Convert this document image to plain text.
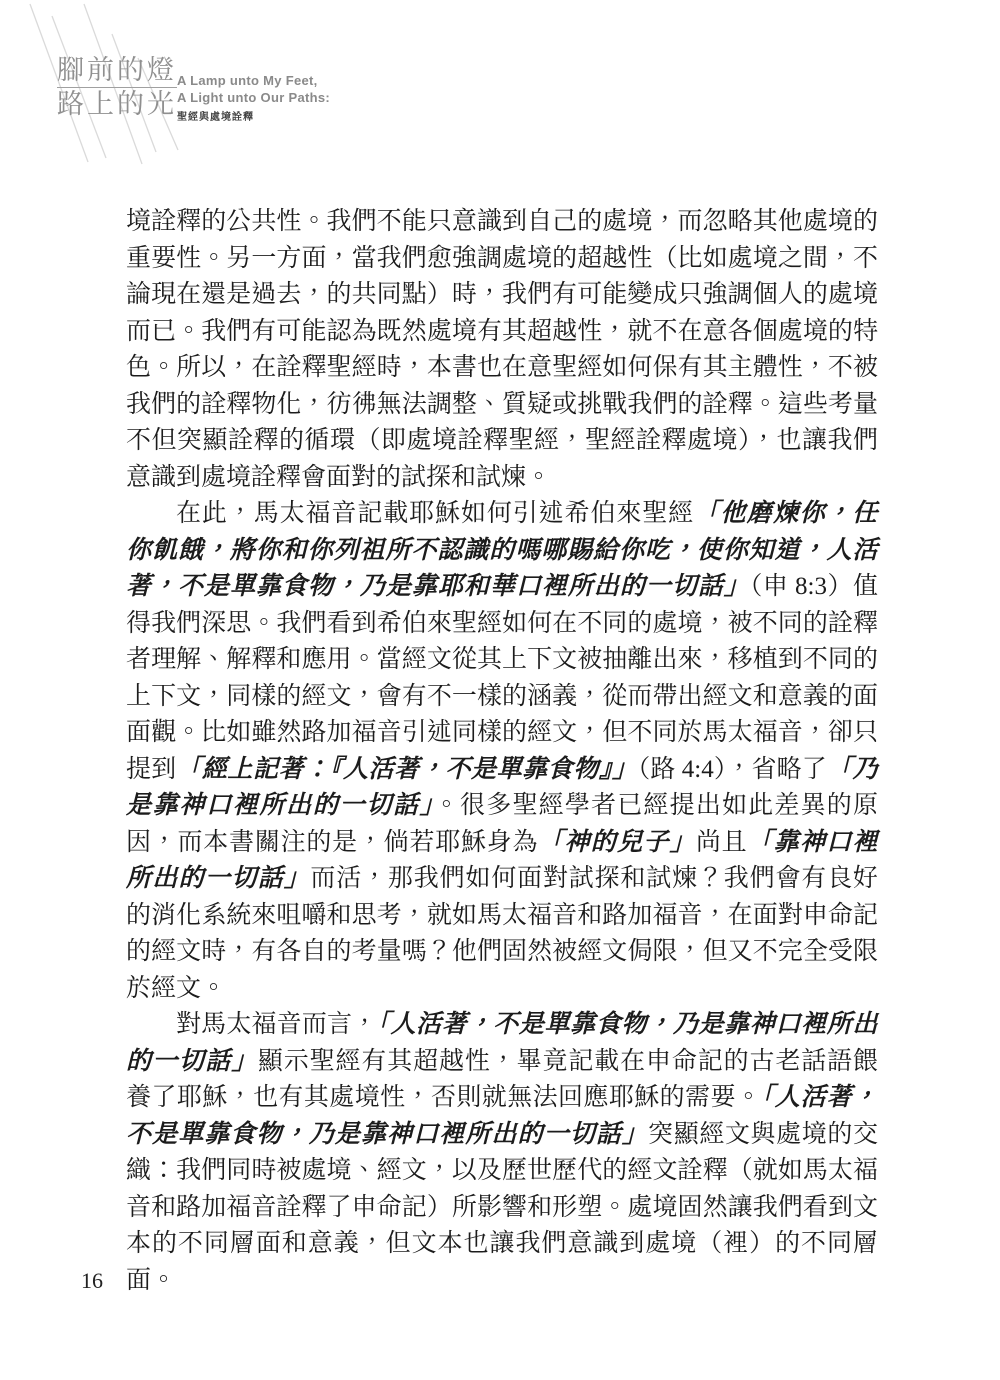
腳前的燈
路上的光
A Lamp unto My Feet,
A Light unto Our Paths:
聖經與處境詮釋

境詮釋的公共性。我們不能只意識到自己的處境，而忽略其他處境的重要性。另一方面，當我們愈強調處境的超越性（比如處境之間，不論現在還是過去，的共同點）時，我們有可能變成只強調個人的處境而已。我們有可能認為既然處境有其超越性，就不在意各個處境的特色。所以，在詮釋聖經時，本書也在意聖經如何保有其主體性，不被我們的詮釋物化，彷彿無法調整、質疑或挑戰我們的詮釋。這些考量不但突顯詮釋的循環（即處境詮釋聖經，聖經詮釋處境），也讓我們意識到處境詮釋會面對的試探和試煉。

在此，馬太福音記載耶穌如何引述希伯來聖經「他磨煉你，任你飢餓，將你和你列祖所不認識的嗎哪賜給你吃，使你知道，人活著，不是單靠食物，乃是靠耶和華口裡所出的一切話」（申 8:3）值得我們深思。我們看到希伯來聖經如何在不同的處境，被不同的詮釋者理解、解釋和應用。當經文從其上下文被抽離出來，移植到不同的上下文，同樣的經文，會有不一樣的涵義，從而帶出經文和意義的面面觀。比如雖然路加福音引述同樣的經文，但不同於馬太福音，卻只提到「經上記著：『人活著，不是單靠食物』」（路 4:4），省略了「乃是靠神口裡所出的一切話」。很多聖經學者已經提出如此差異的原因，而本書關注的是，倘若耶穌身為「神的兒子」尚且「靠神口裡所出的一切話」而活，那我們如何面對試探和試煉？我們會有良好的消化系統來咀嚼和思考，就如馬太福音和路加福音，在面對申命記的經文時，有各自的考量嗎？他們固然被經文侷限，但又不完全受限於經文。

對馬太福音而言，「人活著，不是單靠食物，乃是靠神口裡所出的一切話」顯示聖經有其超越性，畢竟記載在申命記的古老話語餵養了耶穌，也有其處境性，否則就無法回應耶穌的需要。「人活著，不是單靠食物，乃是靠神口裡所出的一切話」突顯經文與處境的交織：我們同時被處境、經文，以及歷世歷代的經文詮釋（就如馬太福音和路加福音詮釋了申命記）所影響和形塑。處境固然讓我們看到文本的不同層面和意義，但文本也讓我們意識到處境（裡）的不同層面。

16
